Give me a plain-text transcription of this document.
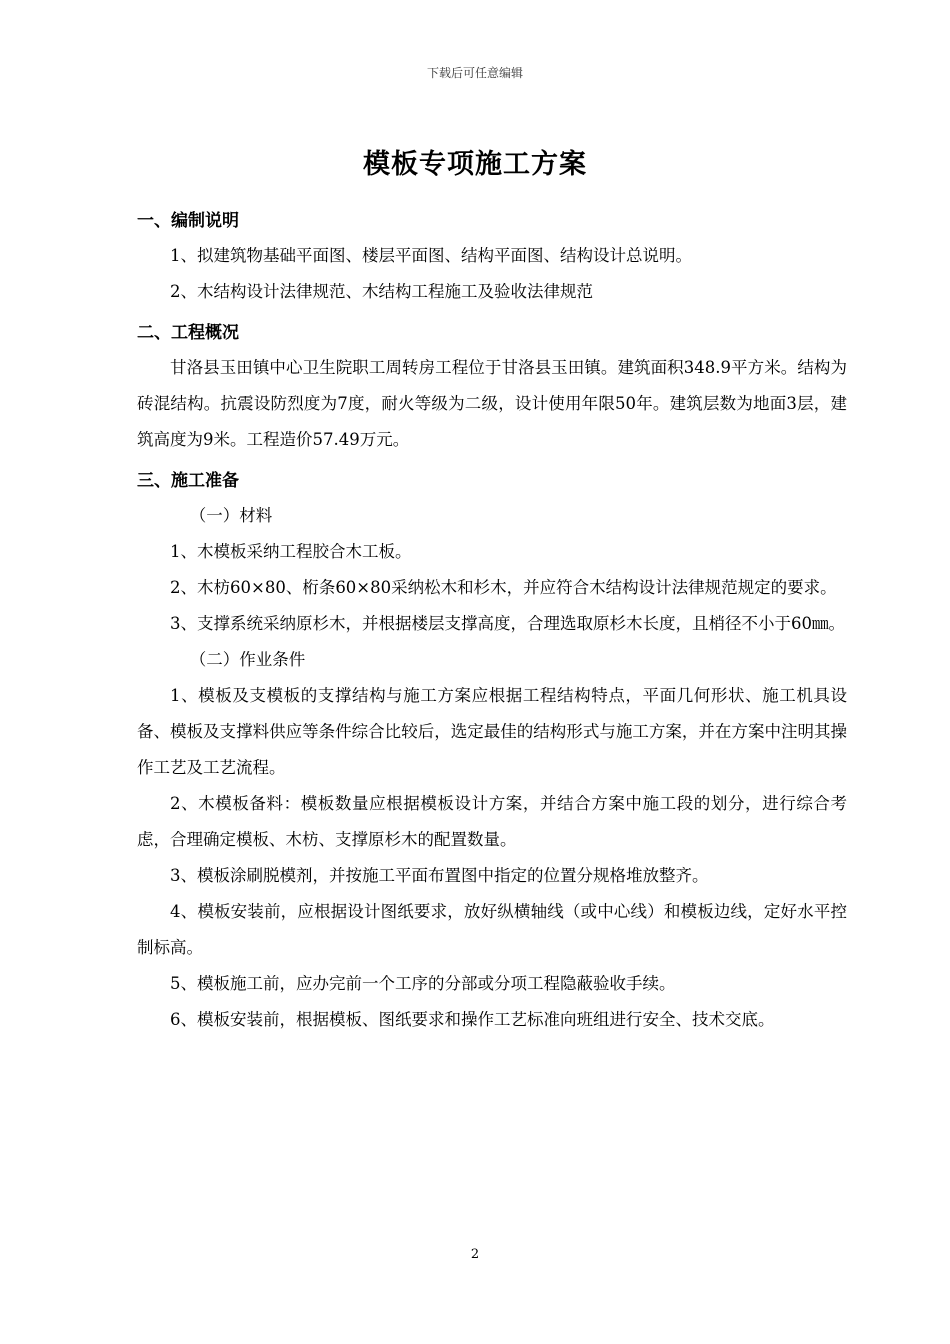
下载后可任意编辑
模板专项施工方案

一、编制说明

1、拟建筑物基础平面图、楼层平面图、结构平面图、结构设计总说明。

2、木结构设计法律规范、木结构工程施工及验收法律规范

二、工程概况

甘洛县玉田镇中心卫生院职工周转房工程位于甘洛县玉田镇。建筑面积348.9平方米。结构为砖混结构。抗震设防烈度为7度，耐火等级为二级，设计使用年限50年。建筑层数为地面3层，建筑高度为9米。工程造价57.49万元。

三、施工准备

（一）材料

1、木模板采纳工程胶合木工板。

2、木枋60×80、桁条60×80采纳松木和杉木，并应符合木结构设计法律规范规定的要求。

3、支撑系统采纳原杉木，并根据楼层支撑高度，合理选取原杉木长度，且梢径不小于60㎜。

（二）作业条件

1、模板及支模板的支撑结构与施工方案应根据工程结构特点，平面几何形状、施工机具设备、模板及支撑料供应等条件综合比较后，选定最佳的结构形式与施工方案，并在方案中注明其操作工艺及工艺流程。

2、木模板备料：模板数量应根据模板设计方案，并结合方案中施工段的划分，进行综合考虑，合理确定模板、木枋、支撑原杉木的配置数量。

3、模板涂刷脱模剂，并按施工平面布置图中指定的位置分规格堆放整齐。

4、模板安装前，应根据设计图纸要求，放好纵横轴线（或中心线）和模板边线，定好水平控制标高。

5、模板施工前，应办完前一个工序的分部或分项工程隐蔽验收手续。

6、模板安装前，根据模板、图纸要求和操作工艺标准向班组进行安全、技术交底。

2
